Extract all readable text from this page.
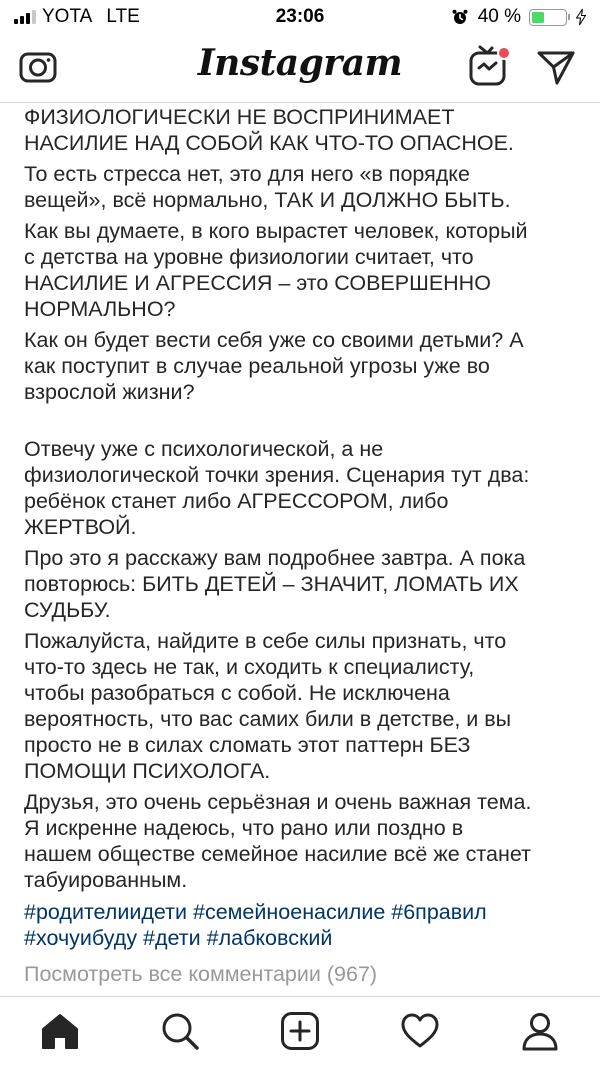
YOTA LTE	23:06	40 %
Instagram

ФИЗИОЛОГИЧЕСКИ НЕ ВОСПРИНИМАЕТ
НАСИЛИЕ НАД СОБОЙ КАК ЧТО-ТО ОПАСНОЕ.

То есть стресса нет, это для него «в порядке
вещей», всё нормально, ТАК И ДОЛЖНО БЫТЬ.

Как вы думаете, в кого вырастет человек, который
с детства на уровне физиологии считает, что
НАСИЛИЕ И АГРЕССИЯ – это СОВЕРШЕННО
НОРМАЛЬНО?

Как он будет вести себя уже со своими детьми? А
как поступит в случае реальной угрозы уже во
взрослой жизни?

Отвечу уже с психологической, а не
физиологической точки зрения. Сценария тут два:
ребёнок станет либо АГРЕССОРОМ, либо
ЖЕРТВОЙ.

Про это я расскажу вам подробнее завтра. А пока
повторюсь: БИТЬ ДЕТЕЙ – ЗНАЧИТ, ЛОМАТЬ ИХ
СУДЬБУ.

Пожалуйста, найдите в себе силы признать, что
что-то здесь не так, и сходить к специалисту,
чтобы разобраться с собой. Не исключена
вероятность, что вас самих били в детстве, и вы
просто не в силах сломать этот паттерн БЕЗ
ПОМОЩИ ПСИХОЛОГА.

Друзья, это очень серьёзная и очень важная тема.
Я искренне надеюсь, что рано или поздно в
нашем обществе семейное насилие всё же станет
табуированным.

#родителиидети #семейноенасилие #6правил
#хочуибуду #дети #лабковский
Посмотреть все комментарии (967)
